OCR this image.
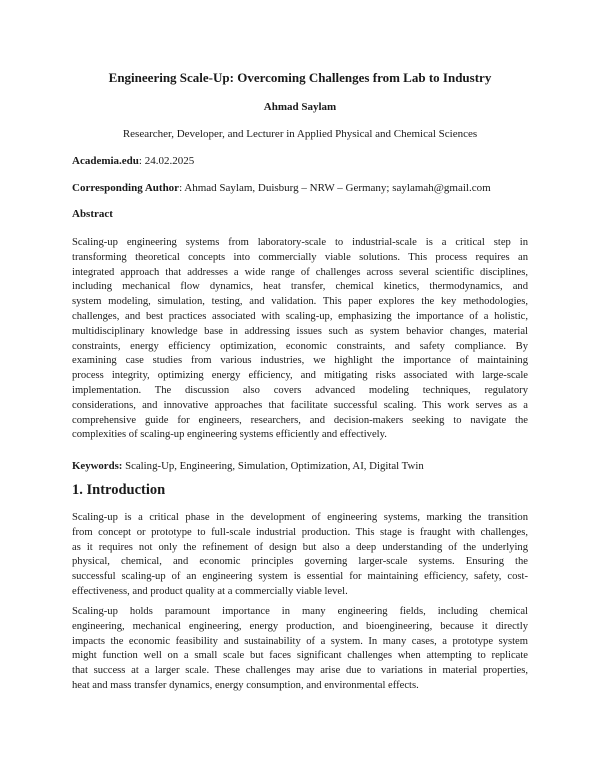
Engineering Scale-Up: Overcoming Challenges from Lab to Industry
Ahmad Saylam
Researcher, Developer, and Lecturer in Applied Physical and Chemical Sciences
Academia.edu: 24.02.2025
Corresponding Author: Ahmad Saylam, Duisburg – NRW – Germany; saylamah@gmail.com
Abstract
Scaling-up engineering systems from laboratory-scale to industrial-scale is a critical step in
transforming theoretical concepts into commercially viable solutions. This process requires an
integrated approach that addresses a wide range of challenges across several scientific disciplines,
including mechanical flow dynamics, heat transfer, chemical kinetics, thermodynamics, and
system modeling, simulation, testing, and validation. This paper explores the key methodologies,
challenges, and best practices associated with scaling-up, emphasizing the importance of a holistic,
multidisciplinary knowledge base in addressing issues such as system behavior changes, material
constraints, energy efficiency optimization, economic constraints, and safety compliance. By
examining case studies from various industries, we highlight the importance of maintaining
process integrity, optimizing energy efficiency, and mitigating risks associated with large-scale
implementation. The discussion also covers advanced modeling techniques, regulatory
considerations, and innovative approaches that facilitate successful scaling. This work serves as a
comprehensive guide for engineers, researchers, and decision-makers seeking to navigate the
complexities of scaling-up engineering systems efficiently and effectively.
Keywords: Scaling-Up, Engineering, Simulation, Optimization, AI, Digital Twin
1. Introduction
Scaling-up is a critical phase in the development of engineering systems, marking the transition
from concept or prototype to full-scale industrial production. This stage is fraught with challenges,
as it requires not only the refinement of design but also a deep understanding of the underlying
physical, chemical, and economic principles governing larger-scale systems. Ensuring the
successful scaling-up of an engineering system is essential for maintaining efficiency, safety, cost-
effectiveness, and product quality at a commercially viable level.
Scaling-up holds paramount importance in many engineering fields, including chemical
engineering, mechanical engineering, energy production, and bioengineering, because it directly
impacts the economic feasibility and sustainability of a system. In many cases, a prototype system
might function well on a small scale but faces significant challenges when attempting to replicate
that success at a larger scale. These challenges may arise due to variations in material properties,
heat and mass transfer dynamics, energy consumption, and environmental effects.
